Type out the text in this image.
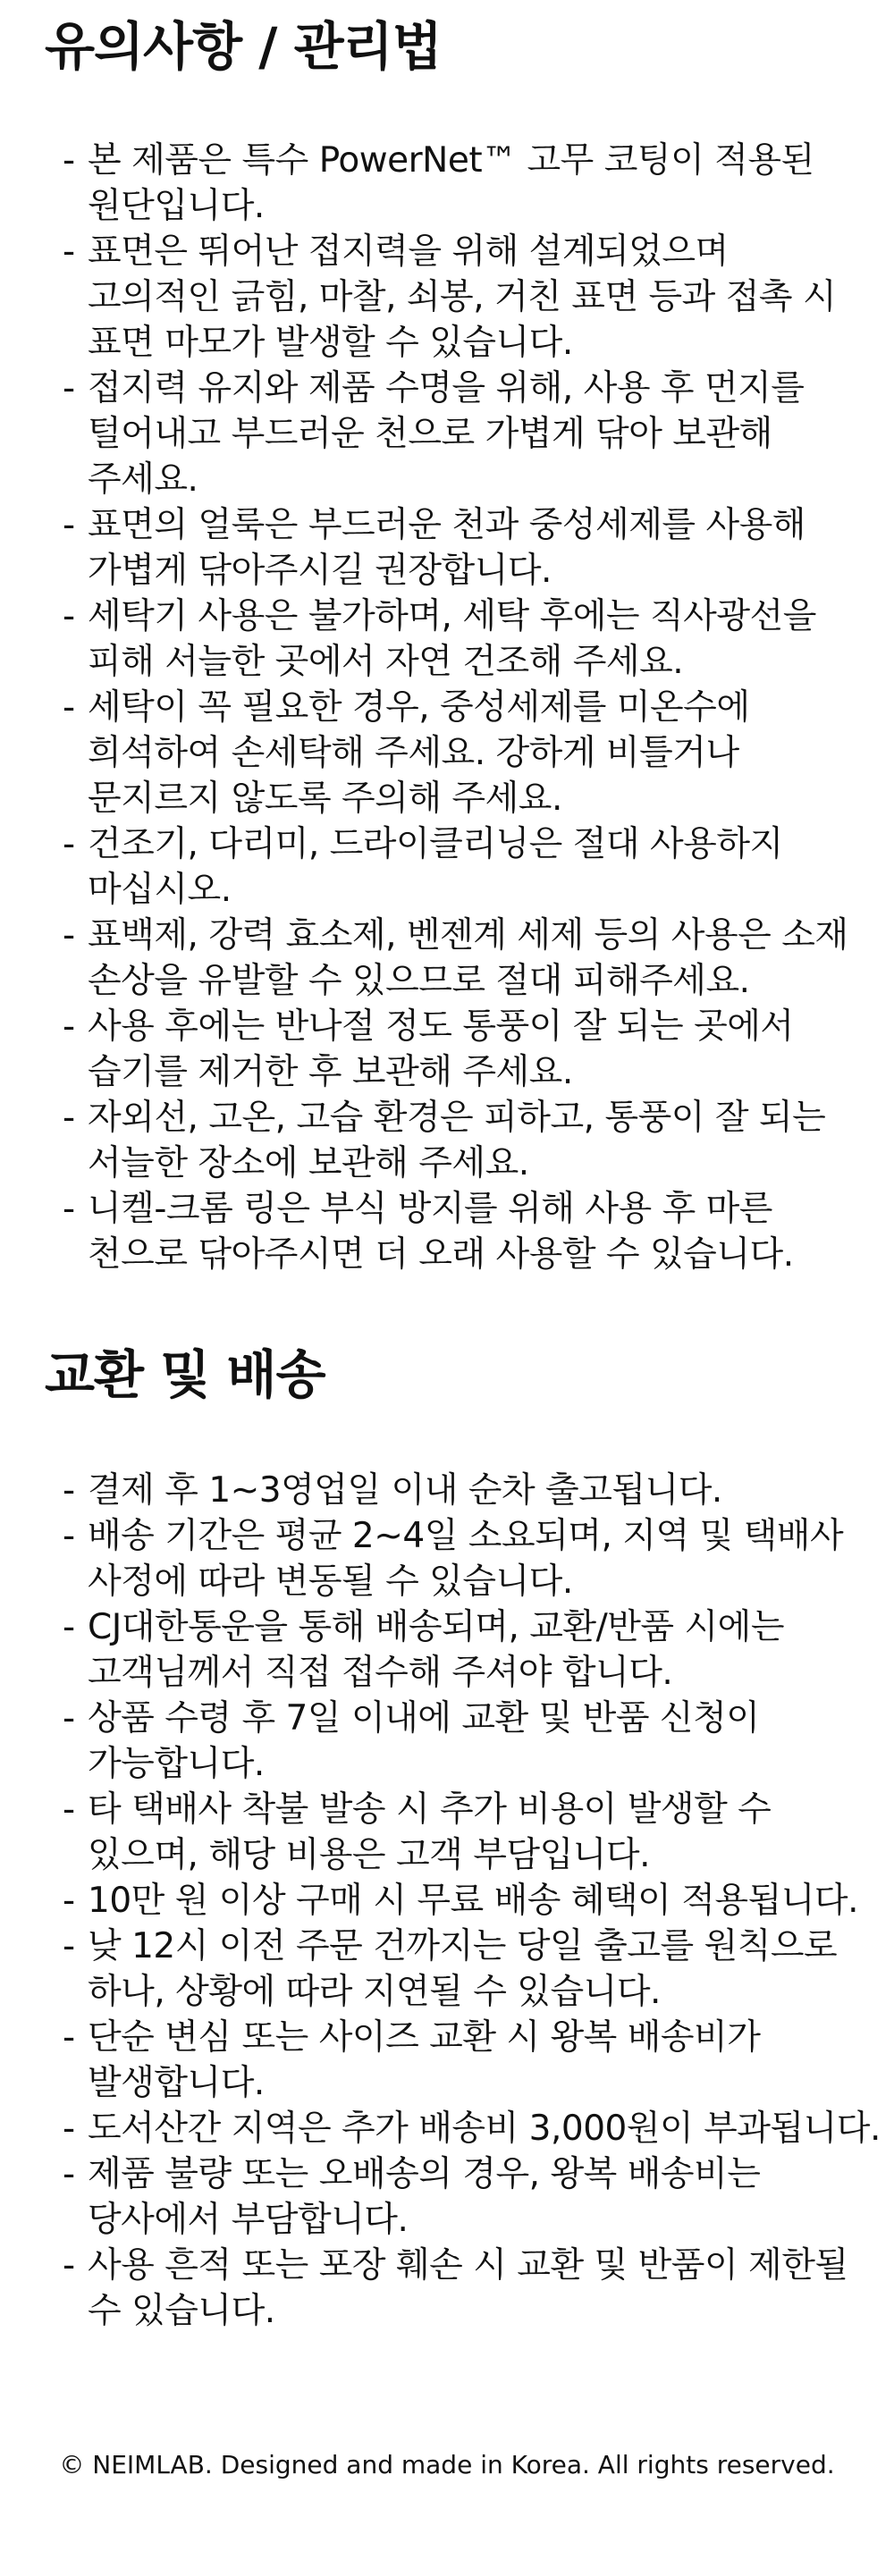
유의사항 / 관리법
- 본 제품은 특수 PowerNet™ 고무 코팅이 적용된
원단입니다.
- 표면은 뛰어난 접지력을 위해 설계되었으며
고의적인 긁힘, 마찰, 쇠봉, 거친 표면 등과 접촉 시
표면 마모가 발생할 수 있습니다.
- 접지력 유지와 제품 수명을 위해, 사용 후 먼지를
털어내고 부드러운 천으로 가볍게 닦아 보관해
주세요.
- 표면의 얼룩은 부드러운 천과 중성세제를 사용해
가볍게 닦아주시길 권장합니다.
- 세탁기 사용은 불가하며, 세탁 후에는 직사광선을
피해 서늘한 곳에서 자연 건조해 주세요.
- 세탁이 꼭 필요한 경우, 중성세제를 미온수에
희석하여 손세탁해 주세요. 강하게 비틀거나
문지르지 않도록 주의해 주세요.
- 건조기, 다리미, 드라이클리닝은 절대 사용하지
마십시오.
- 표백제, 강력 효소제, 벤젠계 세제 등의 사용은 소재
손상을 유발할 수 있으므로 절대 피해주세요.
- 사용 후에는 반나절 정도 통풍이 잘 되는 곳에서
습기를 제거한 후 보관해 주세요.
- 자외선, 고온, 고습 환경은 피하고, 통풍이 잘 되는
서늘한 장소에 보관해 주세요.
- 니켈-크롬 링은 부식 방지를 위해 사용 후 마른
천으로 닦아주시면 더 오래 사용할 수 있습니다.
교환 및 배송
- 결제 후 1~3영업일 이내 순차 출고됩니다.
- 배송 기간은 평균 2~4일 소요되며, 지역 및 택배사
사정에 따라 변동될 수 있습니다.
- CJ대한통운을 통해 배송되며, 교환/반품 시에는
고객님께서 직접 접수해 주셔야 합니다.
- 상품 수령 후 7일 이내에 교환 및 반품 신청이
가능합니다.
- 타 택배사 착불 발송 시 추가 비용이 발생할 수
있으며, 해당 비용은 고객 부담입니다.
- 10만 원 이상 구매 시 무료 배송 혜택이 적용됩니다.
- 낮 12시 이전 주문 건까지는 당일 출고를 원칙으로
하나, 상황에 따라 지연될 수 있습니다.
- 단순 변심 또는 사이즈 교환 시 왕복 배송비가
발생합니다.
- 도서산간 지역은 추가 배송비 3,000원이 부과됩니다.
- 제품 불량 또는 오배송의 경우, 왕복 배송비는
당사에서 부담합니다.
- 사용 흔적 또는 포장 훼손 시 교환 및 반품이 제한될
수 있습니다.
© NEIMLAB. Designed and made in Korea. All rights reserved.
